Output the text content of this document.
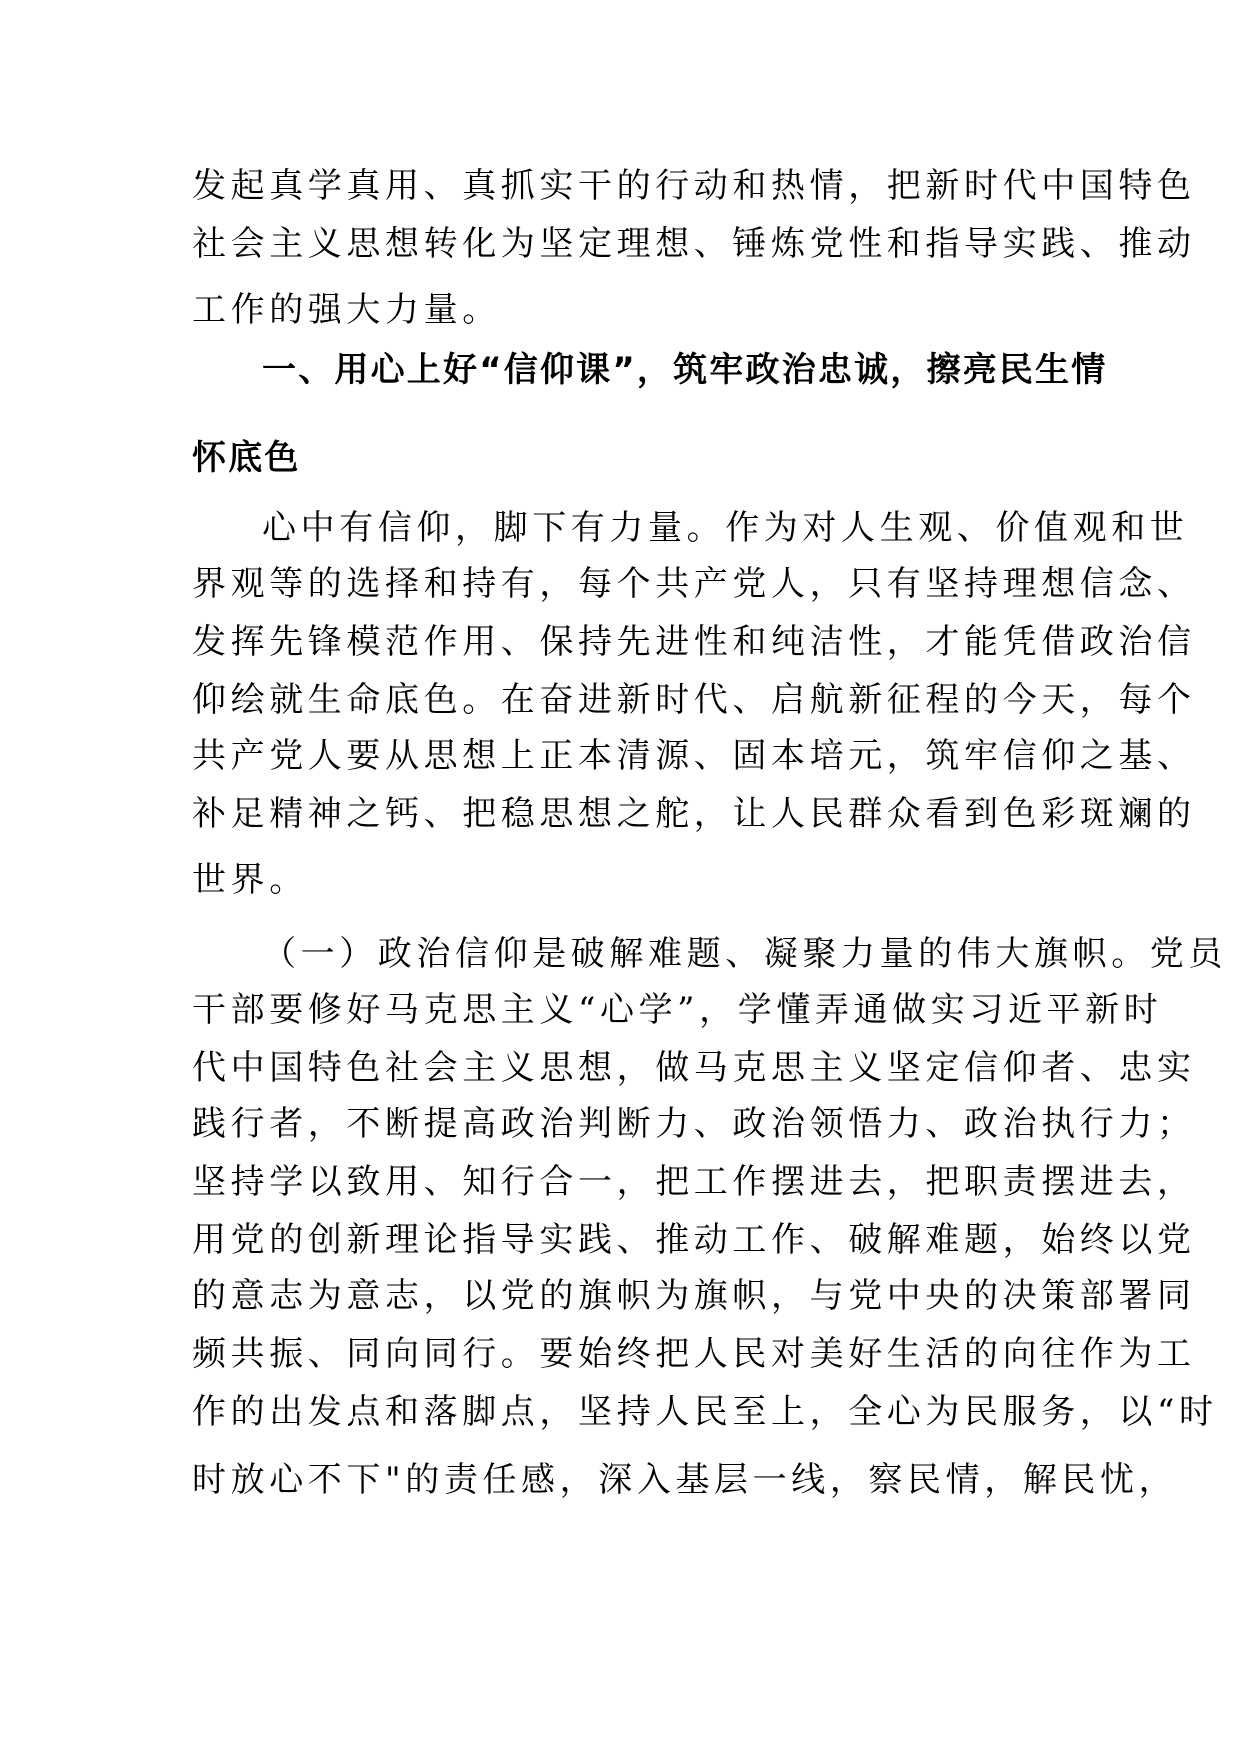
发起真学真用、真抓实干的行动和热情，把新时代中国特色

社会主义思想转化为坚定理想、锤炼党性和指导实践、推动

工作的强大力量。

一、用心上好“信仰课”，筑牢政治忠诚，擦亮民生情

怀底色

心中有信仰，脚下有力量。作为对人生观、价值观和世

界观等的选择和持有，每个共产党人，只有坚持理想信念、

发挥先锋模范作用、保持先进性和纯洁性，才能凭借政治信

仰绘就生命底色。在奋进新时代、启航新征程的今天，每个

共产党人要从思想上正本清源、固本培元，筑牢信仰之基、

补足精神之钙、把稳思想之舵，让人民群众看到色彩斑斓的

世界。

（一）政治信仰是破解难题、凝聚力量的伟大旗帜。党员

干部要修好马克思主义“心学”，学懂弄通做实习近平新时

代中国特色社会主义思想，做马克思主义坚定信仰者、忠实

践行者，不断提高政治判断力、政治领悟力、政治执行力；

坚持学以致用、知行合一，把工作摆进去，把职责摆进去，

用党的创新理论指导实践、推动工作、破解难题，始终以党

的意志为意志，以党的旗帜为旗帜，与党中央的决策部署同

频共振、同向同行。要始终把人民对美好生活的向往作为工

作的出发点和落脚点，坚持人民至上，全心为民服务，以“时

时放心不下"的责任感，深入基层一线，察民情，解民忧，
